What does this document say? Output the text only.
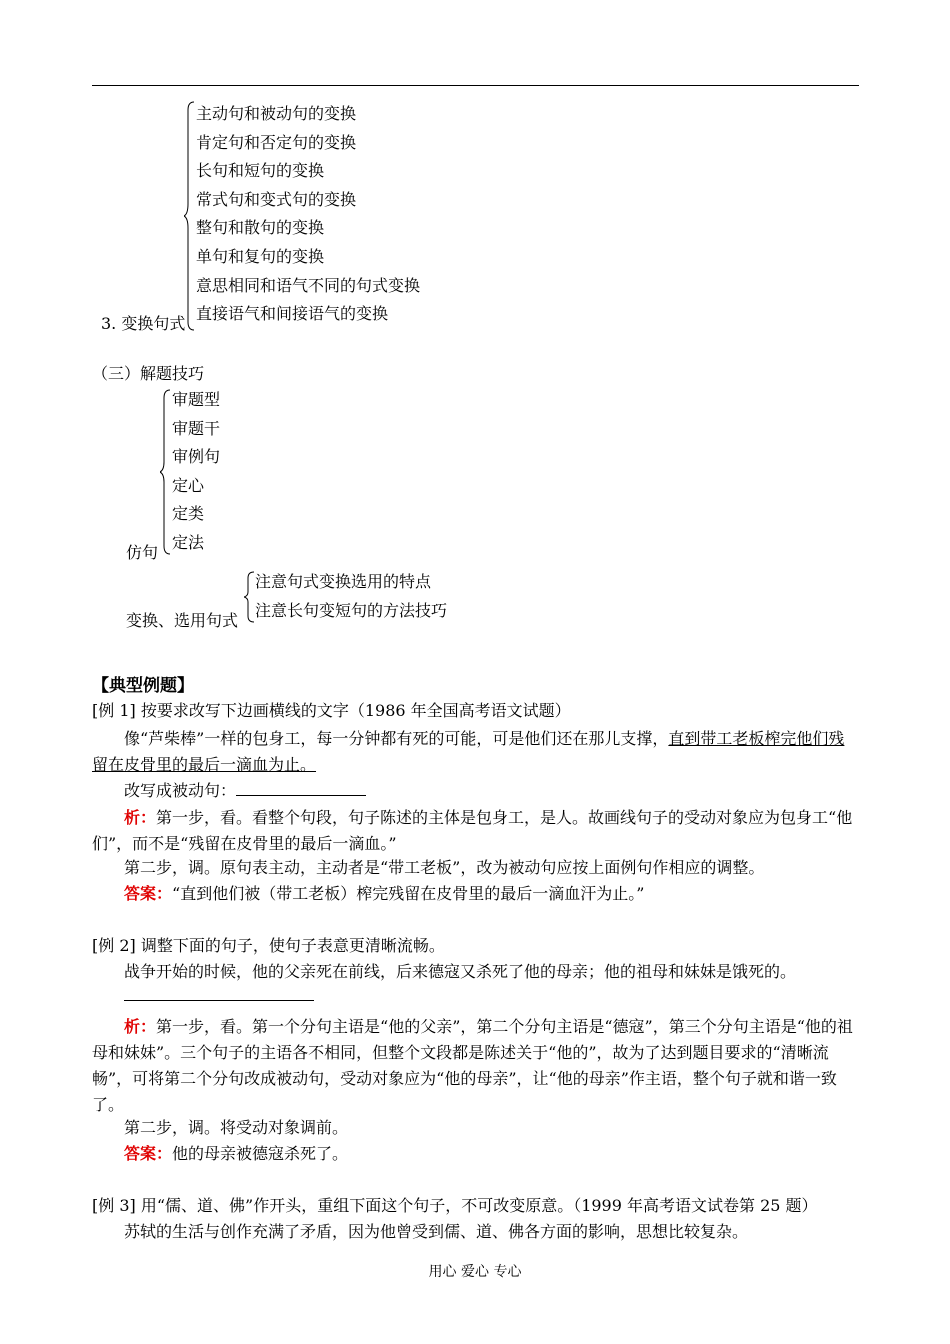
主动句和被动句的变换
肯定句和否定句的变换
长句和短句的变换
常式句和变式句的变换
整句和散句的变换
单句和复句的变换
意思相同和语气不同的句式变换
直接语气和间接语气的变换
3. 变换句式
（三）解题技巧
审题型
审题干
审例句
定心
定类
定法
仿句
注意句式变换选用的特点
注意长句变短句的方法技巧
变换、选用句式
【典型例题】
[例 1] 按要求改写下边画横线的文字（1986 年全国高考语文试题）
像“芦柴棒”一样的包身工，每一分钟都有死的可能，可是他们还在那儿支撑，直到带工老板榨完他们残留在皮骨里的最后一滴血为止。
改写成被动句：
析：第一步，看。看整个句段，句子陈述的主体是包身工，是人。故画线句子的受动对象应为包身工“他们”，而不是“残留在皮骨里的最后一滴血。”
第二步，调。原句表主动，主动者是“带工老板”，改为被动句应按上面例句作相应的调整。
答案：“直到他们被（带工老板）榨完残留在皮骨里的最后一滴血汗为止。”
[例 2] 调整下面的句子，使句子表意更清晰流畅。
战争开始的时候，他的父亲死在前线，后来德寇又杀死了他的母亲；他的祖母和妹妹是饿死的。
析：第一步，看。第一个分句主语是“他的父亲”，第二个分句主语是“德寇”，第三个分句主语是“他的祖母和妹妹”。三个句子的主语各不相同，但整个文段都是陈述关于“他的”，故为了达到题目要求的“清晰流畅”，可将第二个分句改成被动句，受动对象应为“他的母亲”，让“他的母亲”作主语，整个句子就和谐一致了。
第二步，调。将受动对象调前。
答案：他的母亲被德寇杀死了。
[例 3] 用“儒、道、佛”作开头，重组下面这个句子，不可改变原意。（1999 年高考语文试卷第 25 题）
苏轼的生活与创作充满了矛盾，因为他曾受到儒、道、佛各方面的影响，思想比较复杂。
用心 爱心 专心
